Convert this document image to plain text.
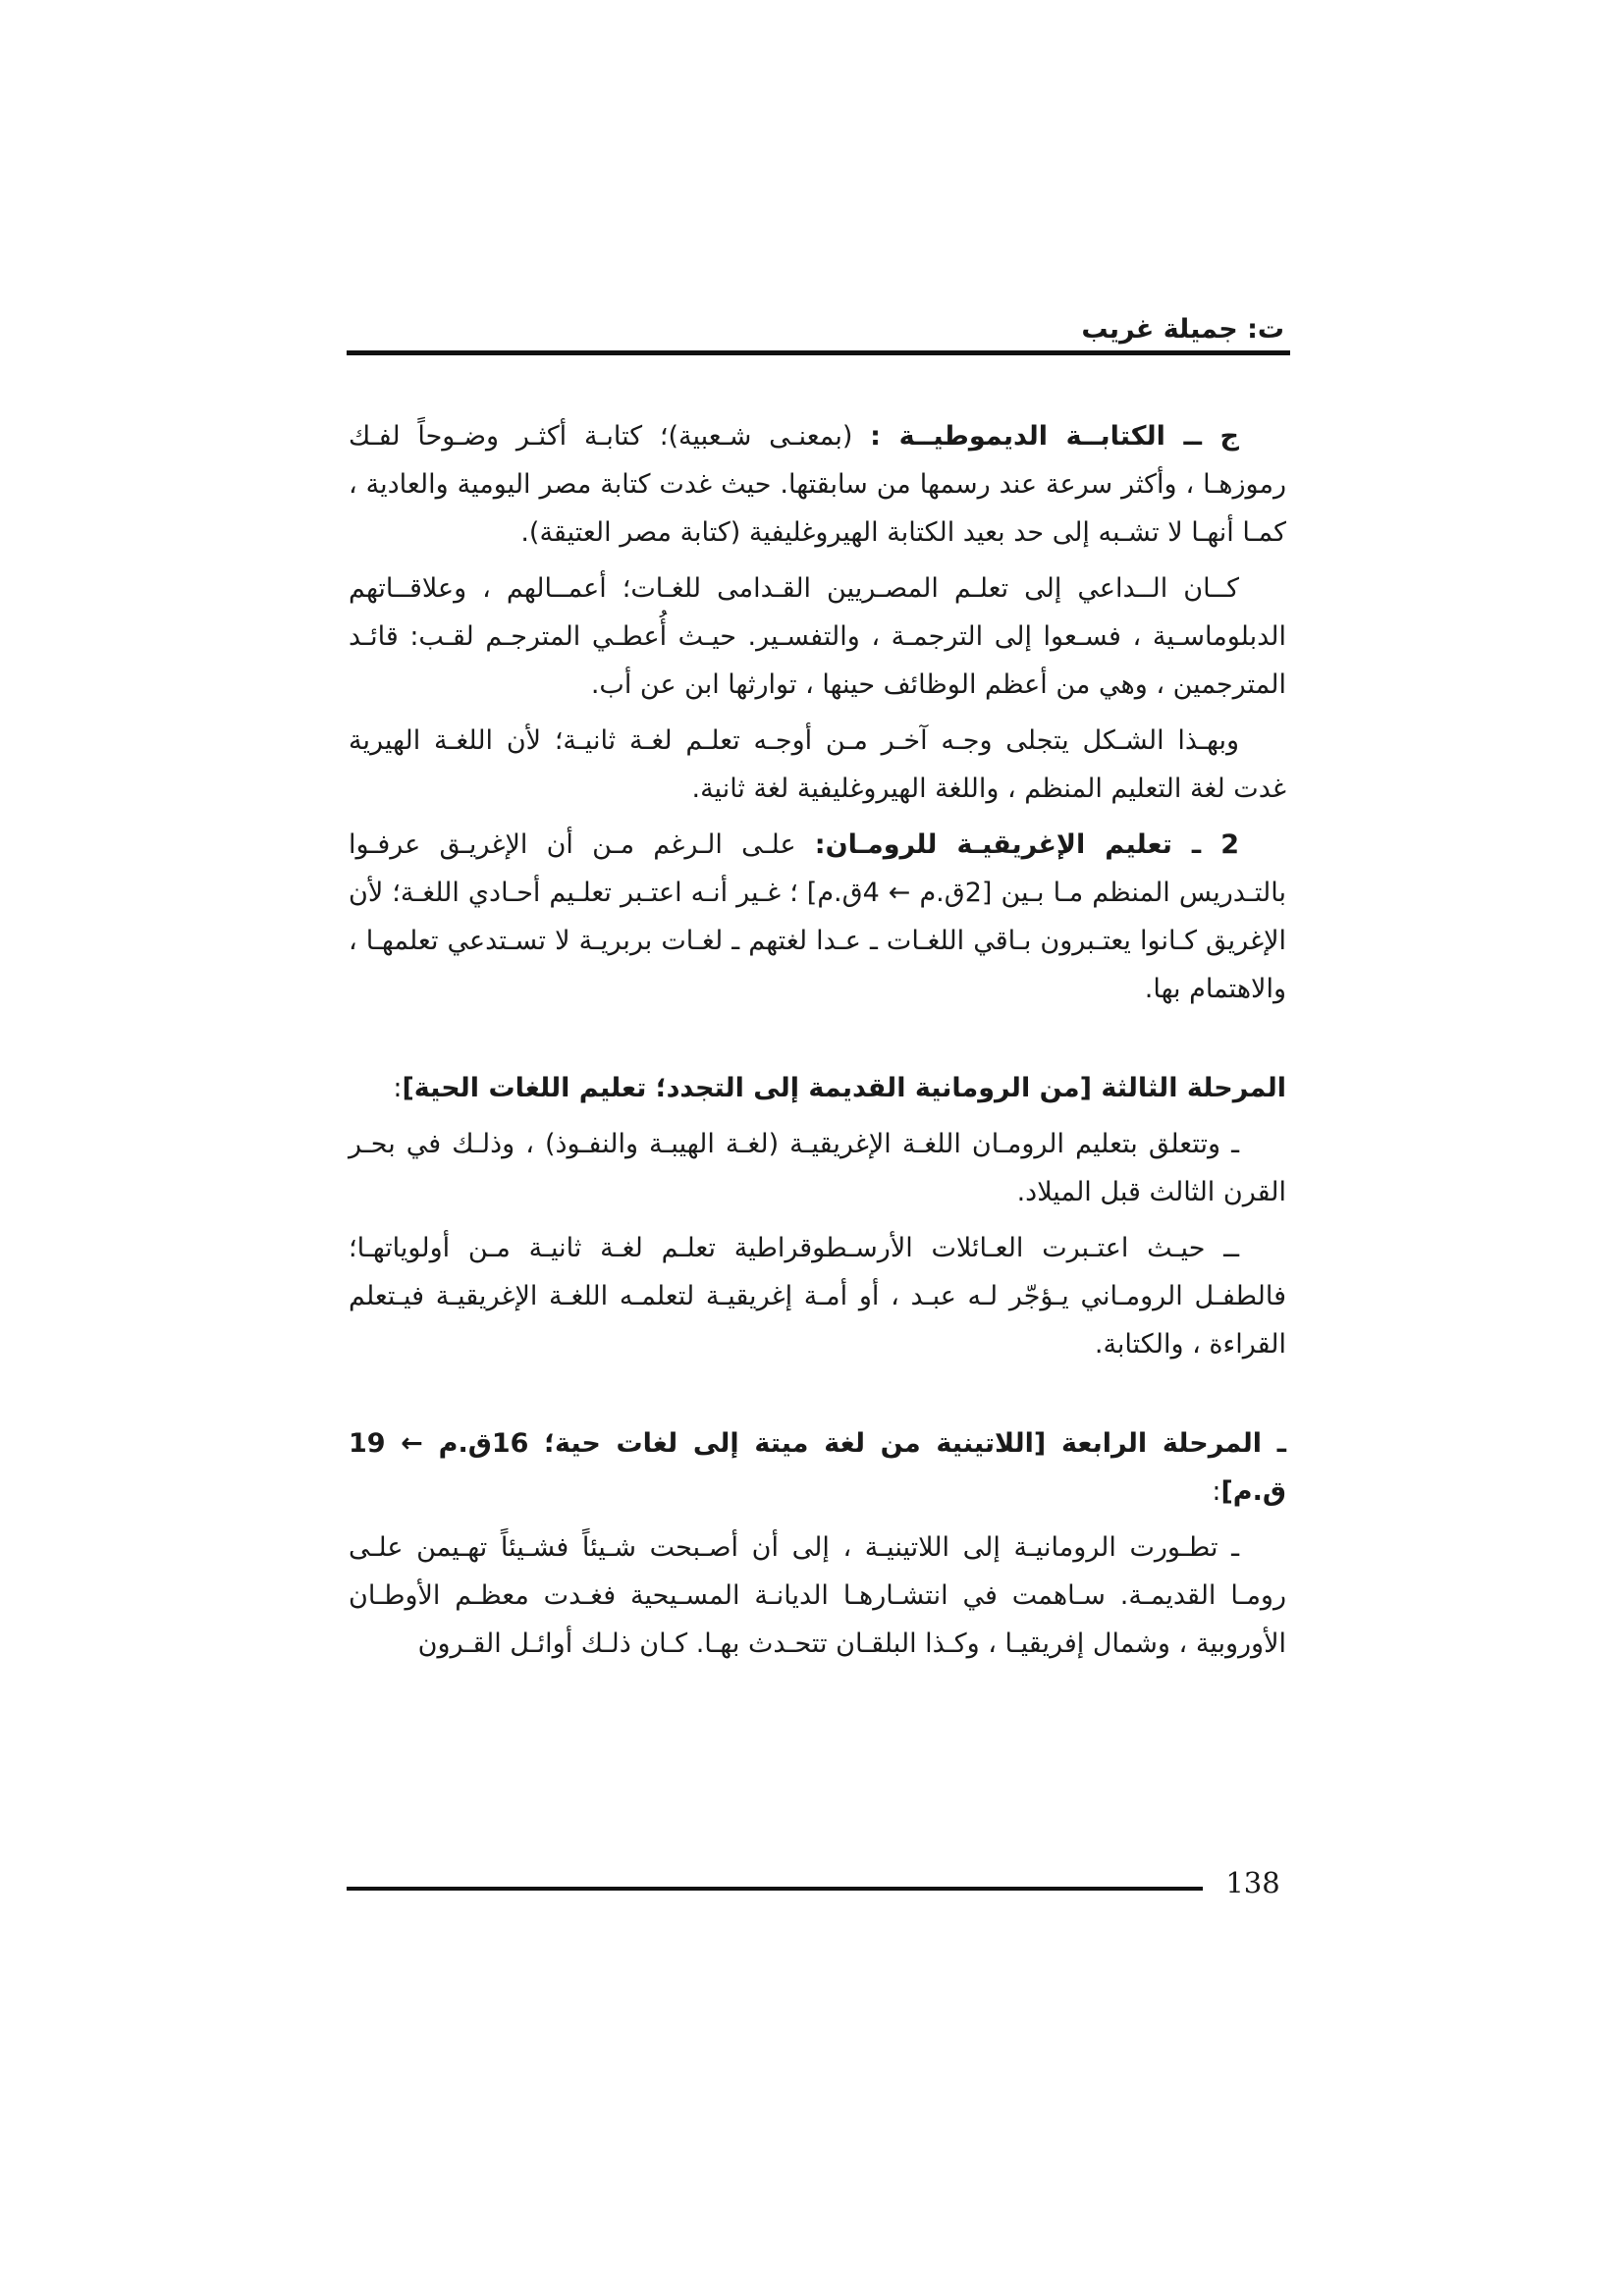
ت: جميلة غريب

ج ــ الكتابــة الديموطيــة : (بمعنـى شـعبية)؛ كتابـة أكثـر وضـوحاً لفـك رموزهـا ، وأكثر سرعة عند رسمها من سابقتها. حيث غدت كتابة مصر اليومية والعادية ، كمـا أنهـا لا تشـبه إلى حد بعيد الكتابة الهيروغليفية (كتابة مصر العتيقة).

كــان الــداعي إلى تعلـم المصـريين القـدامى للغـات؛ أعمــالهم ، وعلاقــاتهم الدبلوماسـية ، فسـعوا إلى الترجمـة ، والتفسـير. حيـث أُعطـي المترجـم لقـب: قائـد المترجمين ، وهي من أعظم الوظائف حينها ، توارثها ابن عن أب.

وبهـذا الشـكل يتجلى وجـه آخـر مـن أوجـه تعلـم لغـة ثانيـة؛ لأن اللغـة الهيرية غدت لغة التعليم المنظم ، واللغة الهيروغليفية لغة ثانية.

2 ـ تعليم الإغريقيـة للرومـان: علـى الـرغم مـن أن الإغريـق عرفـوا بالتـدريس المنظم مـا بـين [2ق.م ← 4ق.م] ؛ غـير أنـه اعتـبر تعلـيم أحـادي اللغـة؛ لأن الإغريق كـانوا يعتـبرون بـاقي اللغـات ـ عـدا لغتهم ـ لغـات بربريـة لا تسـتدعي تعلمهـا ، والاهتمام بها.

المرحلة الثالثة [من الرومانية القديمة إلى التجدد؛ تعليم اللغات الحية]:

ـ وتتعلق بتعليم الرومـان اللغـة الإغريقيـة (لغـة الهيبـة والنفـوذ) ، وذلـك في بحـر القرن الثالث قبل الميلاد.

ــ حيـث اعتـبرت العـائلات الأرسـطوقراطية تعلـم لغـة ثانيـة مـن أولوياتهـا؛ فالطفـل الرومـاني يـؤجّر لـه عبـد ، أو أمـة إغريقيـة لتعلمـه اللغـة الإغريقيـة فيـتعلم القراءة ، والكتابة.

ـ المرحلة الرابعة [اللاتينية من لغة ميتة إلى لغات حية؛ 16ق.م ← 19 ق.م]:

ـ تطـورت الرومانيـة إلى اللاتينيـة ، إلى أن أصـبحت شـيئاً فشـيئاً تهـيمن علـى رومـا القديمـة. سـاهمت في انتشـارهـا الديانـة المسـيحية فغـدت معظـم الأوطـان الأوروبية ، وشمال إفريقيـا ، وكـذا البلقـان تتحـدث بهـا. كـان ذلـك أوائـل القـرون

138
